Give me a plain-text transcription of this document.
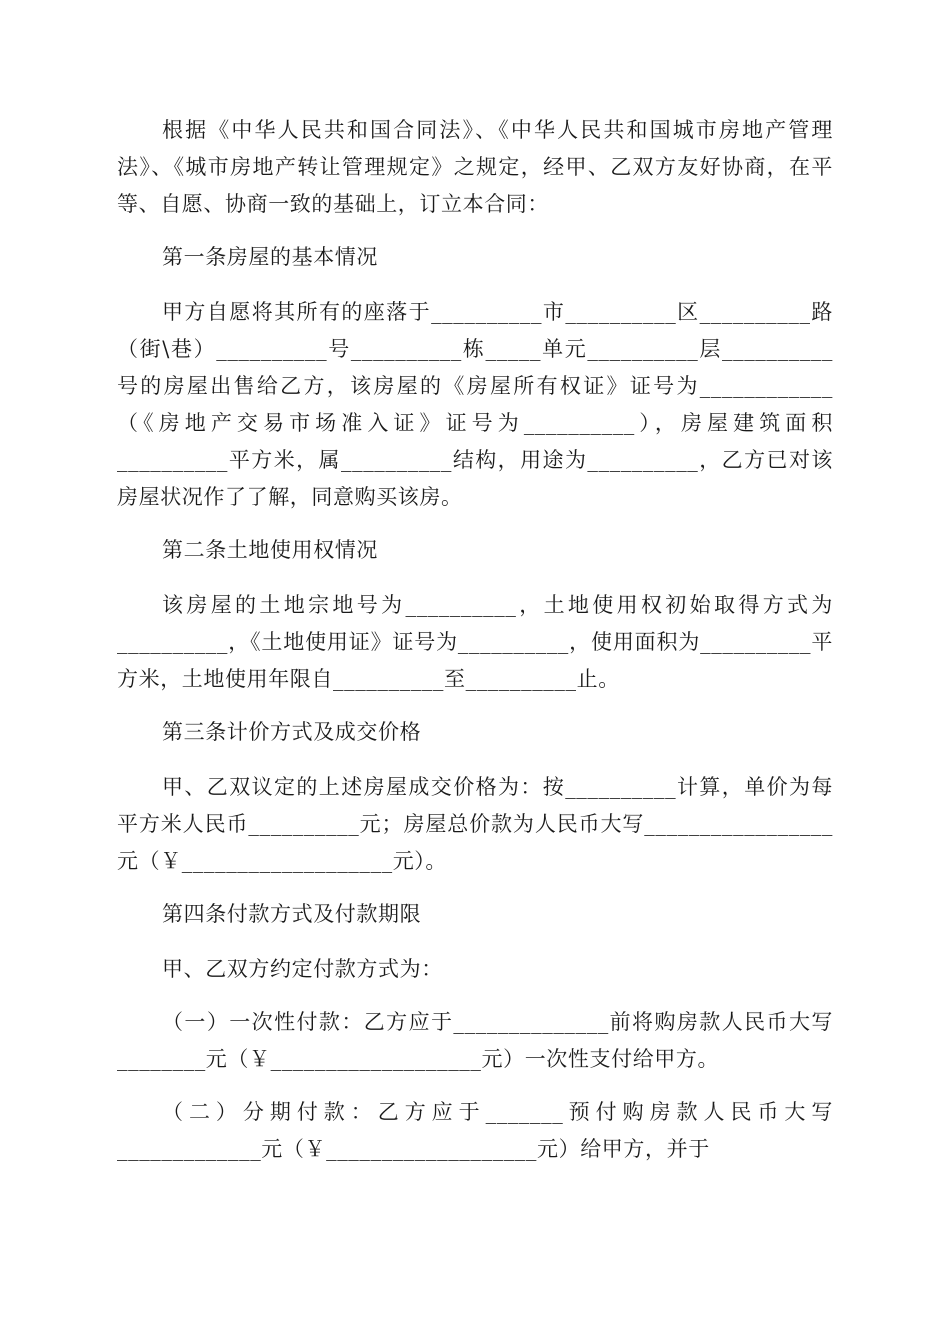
根据《中华人民共和国合同法》、《中华人民共和国城市房地产管理法》、《城市房地产转让管理规定》之规定，经甲、乙双方友好协商，在平等、自愿、协商一致的基础上，订立本合同：

第一条房屋的基本情况

甲方自愿将其所有的座落于__________市__________区__________路（街\巷）__________号__________栋_____单元__________层__________号的房屋出售给乙方，该房屋的《房屋所有权证》证号为____________（《房地产交易市场准入证》证号为__________），房屋建筑面积__________平方米，属__________结构，用途为__________，乙方已对该房屋状况作了了解，同意购买该房。

第二条土地使用权情况

该房屋的土地宗地号为__________，土地使用权初始取得方式为__________，《土地使用证》证号为__________，使用面积为__________平方米，土地使用年限自__________至__________止。

第三条计价方式及成交价格

甲、乙双议定的上述房屋成交价格为：按__________计算，单价为每平方米人民币__________元；房屋总价款为人民币大写_________________元（￥___________________元）。

第四条付款方式及付款期限

甲、乙双方约定付款方式为：

（一）一次性付款：乙方应于______________前将购房款人民币大写________元（￥___________________元）一次性支付给甲方。

（二）分期付款：乙方应于_______预付购房款人民币大写_____________元（￥___________________元）给甲方，并于
